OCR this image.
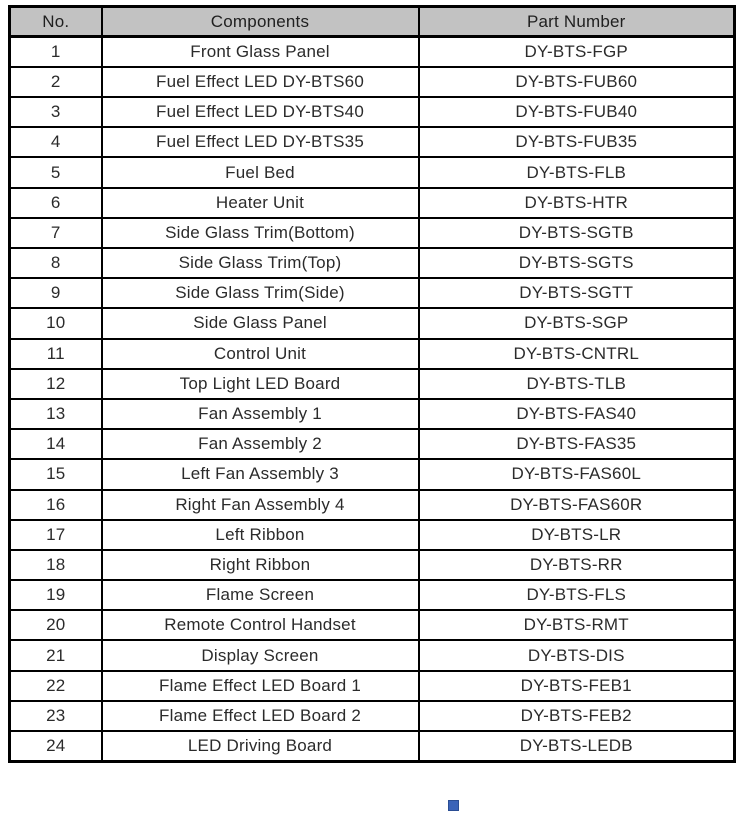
No.	Components	Part Number
1	Front Glass Panel	DY-BTS-FGP
2	Fuel Effect LED DY-BTS60	DY-BTS-FUB60
3	Fuel Effect LED DY-BTS40	DY-BTS-FUB40
4	Fuel Effect LED DY-BTS35	DY-BTS-FUB35
5	Fuel Bed	DY-BTS-FLB
6	Heater Unit	DY-BTS-HTR
7	Side Glass Trim(Bottom)	DY-BTS-SGTB
8	Side Glass Trim(Top)	DY-BTS-SGTS
9	Side Glass Trim(Side)	DY-BTS-SGTT
10	Side Glass Panel	DY-BTS-SGP
11	Control Unit	DY-BTS-CNTRL
12	Top Light LED Board	DY-BTS-TLB
13	Fan Assembly 1	DY-BTS-FAS40
14	Fan Assembly 2	DY-BTS-FAS35
15	Left Fan Assembly 3	DY-BTS-FAS60L
16	Right Fan Assembly 4	DY-BTS-FAS60R
17	Left Ribbon	DY-BTS-LR
18	Right Ribbon	DY-BTS-RR
19	Flame Screen	DY-BTS-FLS
20	Remote Control Handset	DY-BTS-RMT
21	Display Screen	DY-BTS-DIS
22	Flame Effect LED Board 1	DY-BTS-FEB1
23	Flame Effect LED Board 2	DY-BTS-FEB2
24	LED Driving Board	DY-BTS-LEDB
